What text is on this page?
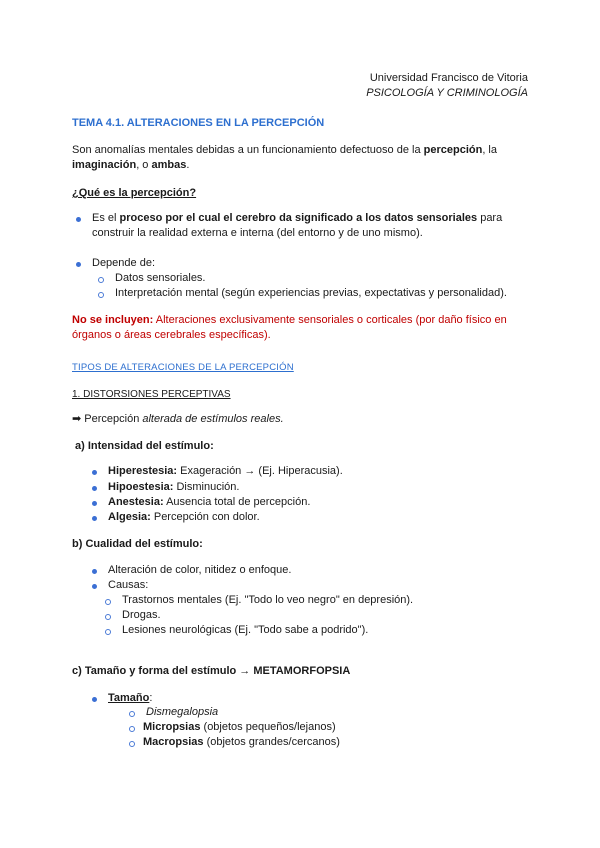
Universidad Francisco de Vitoria
PSICOLOGÍA Y CRIMINOLOGÍA
TEMA 4.1. ALTERACIONES EN LA PERCEPCIÓN
Son anomalías mentales debidas a un funcionamiento defectuoso de la percepción, la
imaginación, o ambas.
¿Qué es la percepción?
Es el proceso por el cual el cerebro da significado a los datos sensoriales para
construir la realidad externa e interna (del entorno y de uno mismo).
Depende de:
Datos sensoriales.
Interpretación mental (según experiencias previas, expectativas y personalidad).
No se incluyen: Alteraciones exclusivamente sensoriales o corticales (por daño físico en
órganos o áreas cerebrales específicas).
TIPOS DE ALTERACIONES DE LA PERCEPCIÓN
1. DISTORSIONES PERCEPTIVAS
➡ Percepción alterada de estímulos reales.
a) Intensidad del estímulo:
Hiperestesia: Exageración → (Ej. Hiperacusia).
Hipoestesia: Disminución.
Anestesia: Ausencia total de percepción.
Algesia: Percepción con dolor.
b) Cualidad del estímulo:
Alteración de color, nitidez o enfoque.
Causas:
Trastornos mentales (Ej. "Todo lo veo negro" en depresión).
Drogas.
Lesiones neurológicas (Ej. "Todo sabe a podrido").
c) Tamaño y forma del estímulo → METAMORFOPSIA
Tamaño:
Dismegalopsia
Micropsias (objetos pequeños/lejanos)
Macropsias (objetos grandes/cercanos)
